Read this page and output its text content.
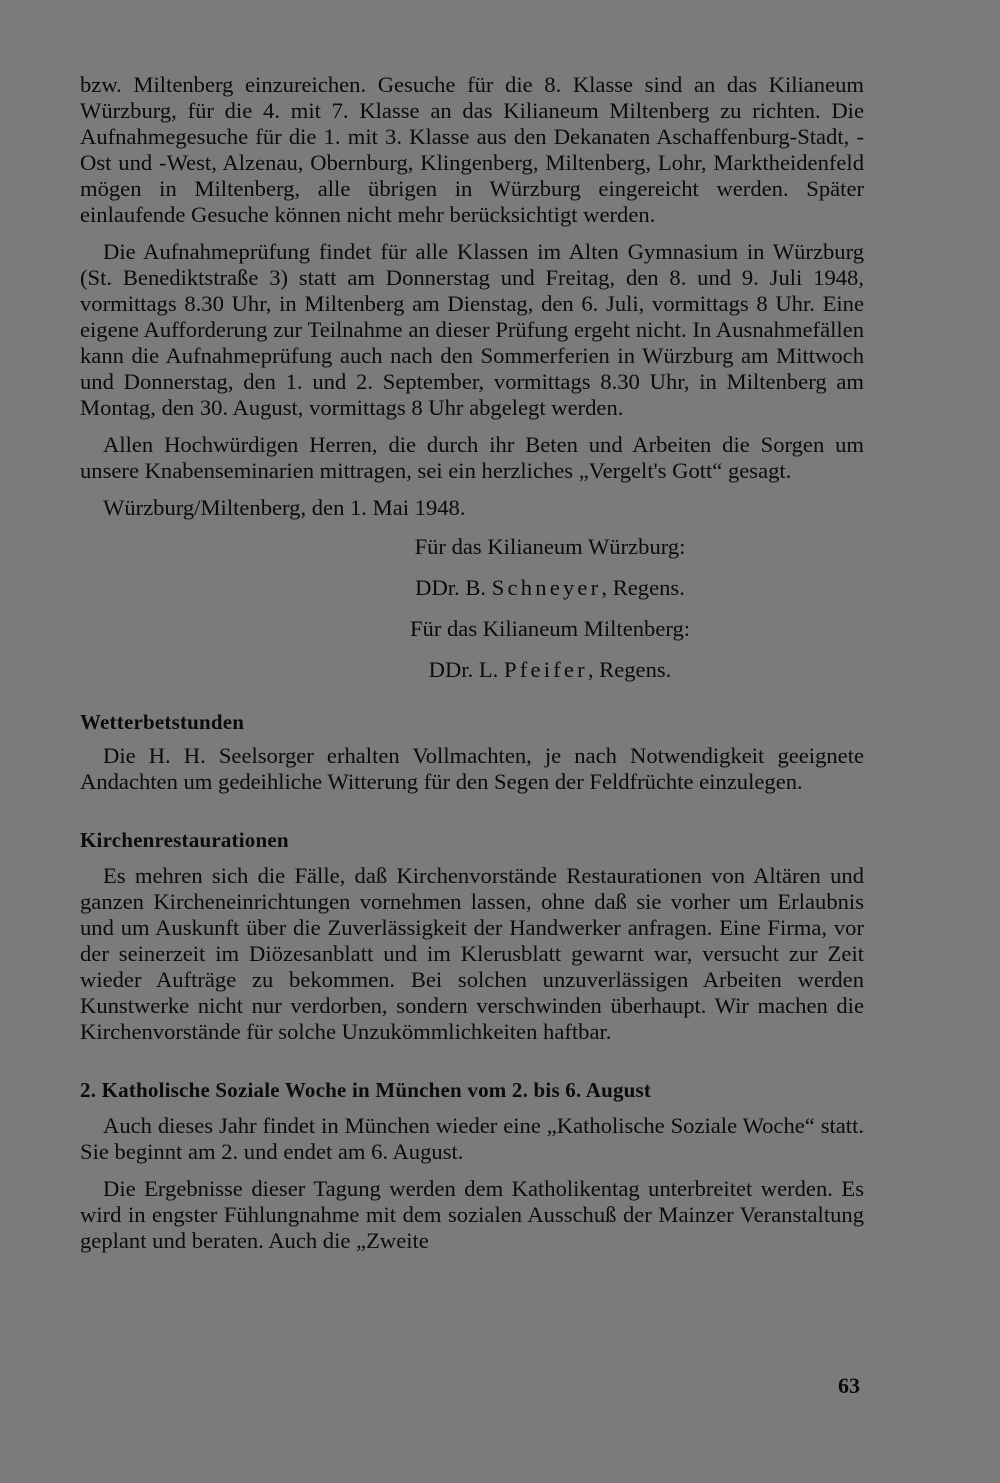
bzw. Miltenberg einzureichen. Gesuche für die 8. Klasse sind an das Kilianeum Würzburg, für die 4. mit 7. Klasse an das Kilianeum Miltenberg zu richten. Die Aufnahmegesuche für die 1. mit 3. Klasse aus den Dekanaten Aschaffenburg-Stadt, -Ost und -West, Alzenau, Obernburg, Klingenberg, Miltenberg, Lohr, Marktheidenfeld mögen in Miltenberg, alle übrigen in Würzburg eingereicht werden. Später einlaufende Gesuche können nicht mehr berücksichtigt werden.

Die Aufnahmeprüfung findet für alle Klassen im Alten Gymnasium in Würzburg (St. Benediktstraße 3) statt am Donnerstag und Freitag, den 8. und 9. Juli 1948, vormittags 8.30 Uhr, in Miltenberg am Dienstag, den 6. Juli, vormittags 8 Uhr. Eine eigene Aufforderung zur Teilnahme an dieser Prüfung ergeht nicht. In Ausnahmefällen kann die Aufnahmeprüfung auch nach den Sommerferien in Würzburg am Mittwoch und Donnerstag, den 1. und 2. September, vormittags 8.30 Uhr, in Miltenberg am Montag, den 30. August, vormittags 8 Uhr abgelegt werden.

Allen Hochwürdigen Herren, die durch ihr Beten und Arbeiten die Sorgen um unsere Knabenseminarien mittragen, sei ein herzliches „Vergelt's Gott“ gesagt.

Würzburg/Miltenberg, den 1. Mai 1948.

Für das Kilianeum Würzburg:

DDr. B. Schneyer, Regens.

Für das Kilianeum Miltenberg:

DDr. L. Pfeifer, Regens.

Wetterbetstunden

Die H. H. Seelsorger erhalten Vollmachten, je nach Notwendigkeit geeignete Andachten um gedeihliche Witterung für den Segen der Feldfrüchte einzulegen.

Kirchenrestaurationen

Es mehren sich die Fälle, daß Kirchenvorstände Restaurationen von Altären und ganzen Kircheneinrichtungen vornehmen lassen, ohne daß sie vorher um Erlaubnis und um Auskunft über die Zuverlässigkeit der Handwerker anfragen. Eine Firma, vor der seinerzeit im Diözesanblatt und im Klerusblatt gewarnt war, versucht zur Zeit wieder Aufträge zu bekommen. Bei solchen unzuverlässigen Arbeiten werden Kunstwerke nicht nur verdorben, sondern verschwinden überhaupt. Wir machen die Kirchenvorstände für solche Unzukömmlichkeiten haftbar.

2. Katholische Soziale Woche in München vom 2. bis 6. August

Auch dieses Jahr findet in München wieder eine „Katholische Soziale Woche“ statt. Sie beginnt am 2. und endet am 6. August.

Die Ergebnisse dieser Tagung werden dem Katholikentag unterbreitet werden. Es wird in engster Fühlungnahme mit dem sozialen Ausschuß der Mainzer Veranstaltung geplant und beraten. Auch die „Zweite

63
